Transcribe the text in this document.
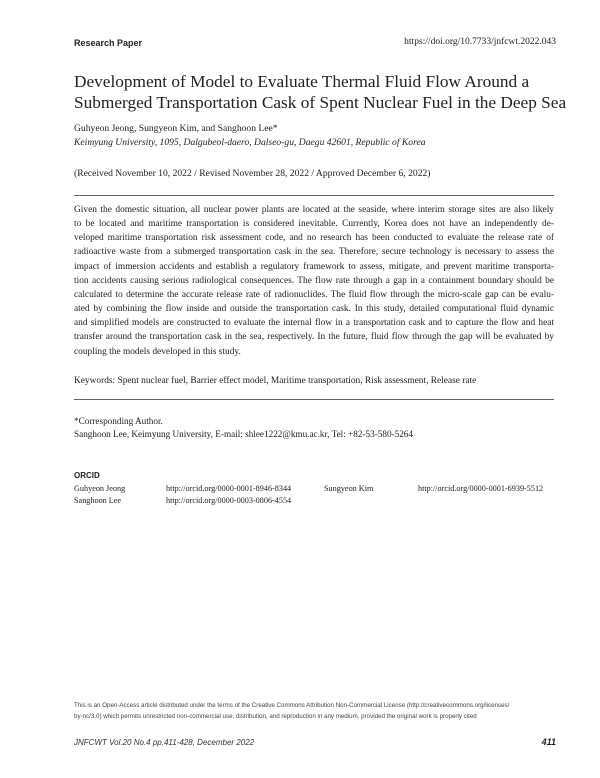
Research Paper	https://doi.org/10.7733/jnfcwt.2022.043
Development of Model to Evaluate Thermal Fluid Flow Around a
Submerged Transportation Cask of Spent Nuclear Fuel in the Deep Sea
Guhyeon Jeong, Sungyeon Kim, and Sanghoon Lee*
Keimyung University, 1095, Dalgubeol-daero, Dalseo-gu, Daegu 42601, Republic of Korea
(Received November 10, 2022 / Revised November 28, 2022 / Approved December 6, 2022)
Given the domestic situation, all nuclear power plants are located at the seaside, where interim storage sites are also likely
to be located and maritime transportation is considered inevitable. Currently, Korea does not have an independently de-
veloped maritime transportation risk assessment code, and no research has been conducted to evaluate the release rate of
radioactive waste from a submerged transportation cask in the sea. Therefore, secure technology is necessary to assess the
impact of immersion accidents and establish a regulatory framework to assess, mitigate, and prevent maritime transporta-
tion accidents causing serious radiological consequences. The flow rate through a gap in a containment boundary should be
calculated to determine the accurate release rate of radionuclides. The fluid flow through the micro-scale gap can be evalu-
ated by combining the flow inside and outside the transportation cask. In this study, detailed computational fluid dynamic
and simplified models are constructed to evaluate the internal flow in a transportation cask and to capture the flow and heat
transfer around the transportation cask in the sea, respectively. In the future, fluid flow through the gap will be evaluated by
coupling the models developed in this study.
Keywords: Spent nuclear fuel, Barrier effect model, Maritime transportation, Risk assessment, Release rate
*Corresponding Author.
Sanghoon Lee, Keimyung University, E-mail: shlee1222@kmu.ac.kr, Tel: +82-53-580-5264
ORCID
Guhyeon Jeong	http://orcid.org/0000-0001-8946-8344	Sungyeon Kim	http://orcid.org/0000-0001-6939-5512
Sanghoon Lee	http://orcid.org/0000-0003-0806-4554
This is an Open-Access article distributed under the terms of the Creative Commons Attribution Non-Commercial License (http://creativecommons.org/licenses/
by-nc/3.0) which permits unrestricted non-commercial use, distribution, and reproduction in any medium, provided the original work is properly cited
JNFCWT Vol.20 No.4 pp.411-428, December 2022	411
